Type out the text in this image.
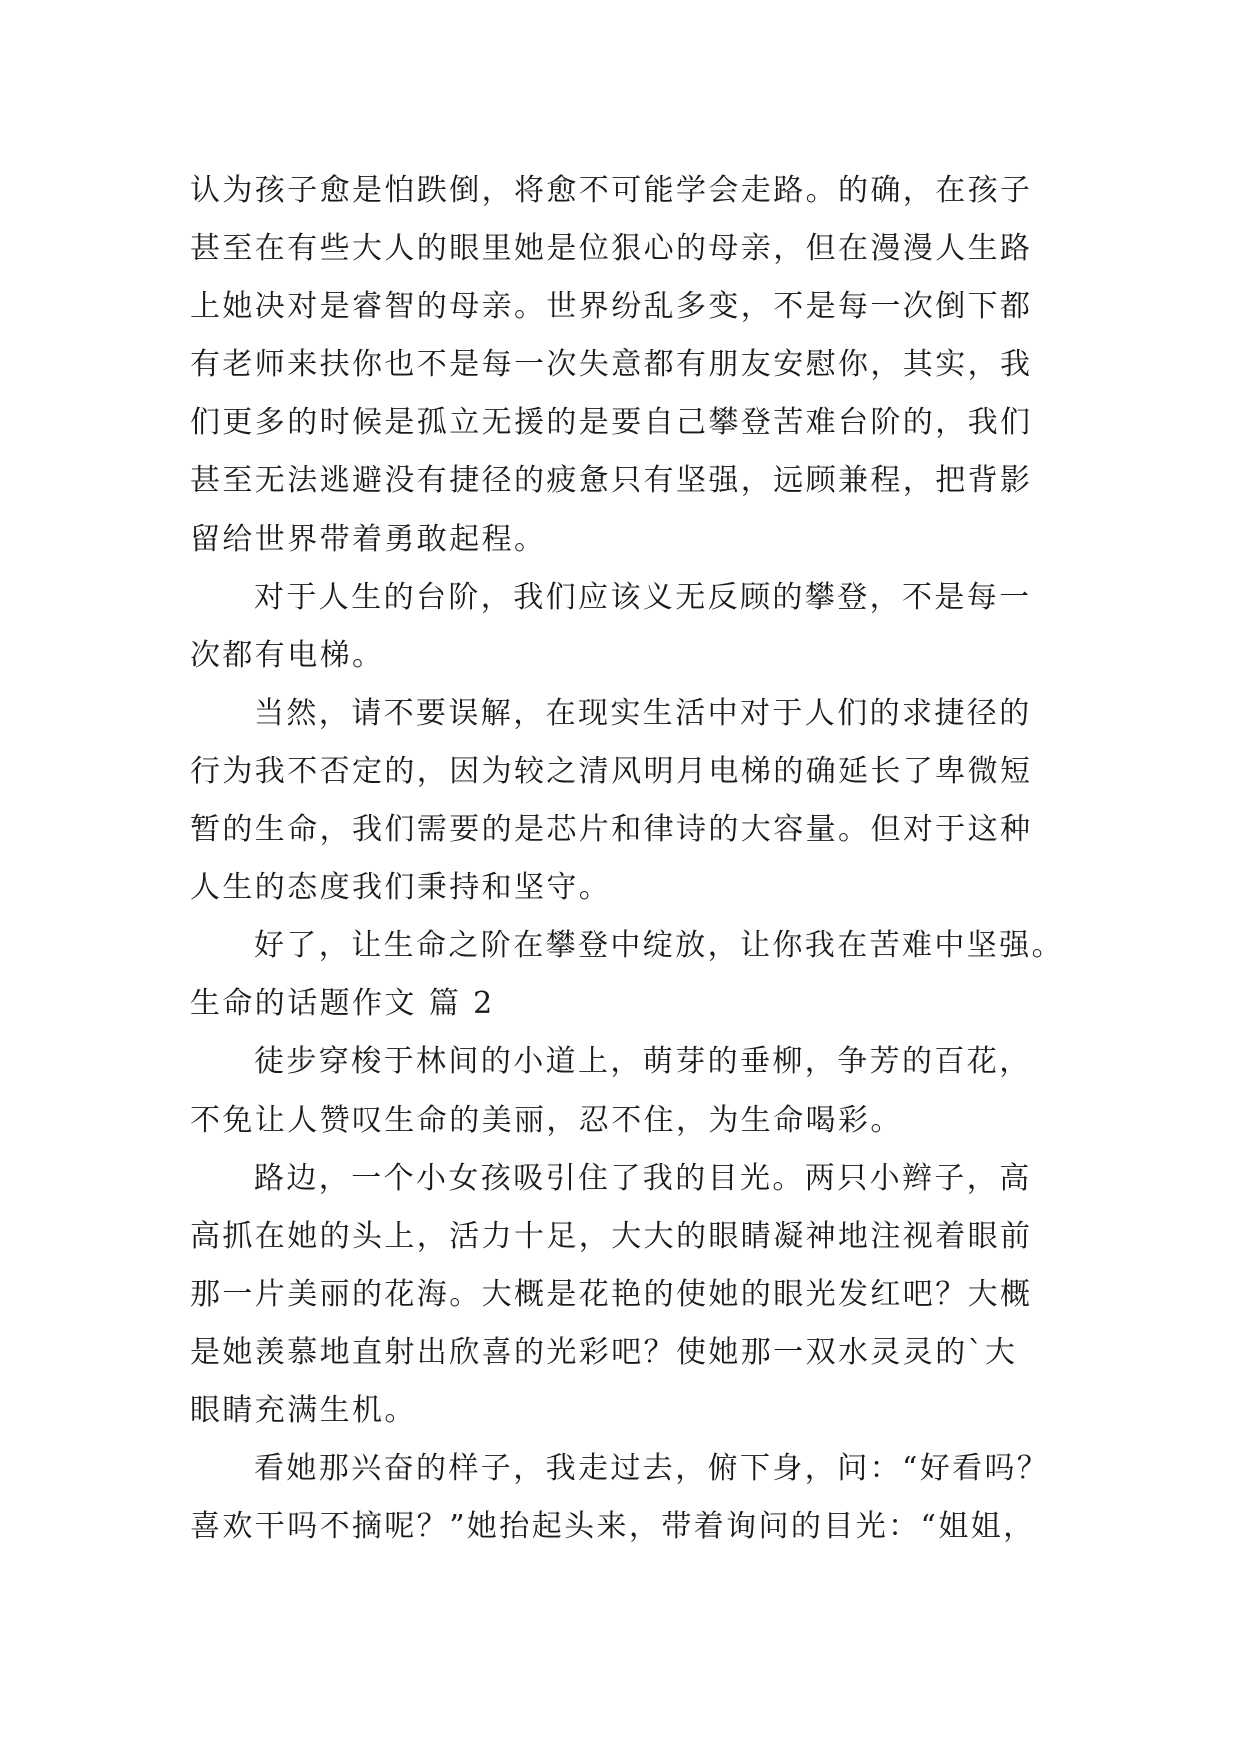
认为孩子愈是怕跌倒，将愈不可能学会走路。的确，在孩子
甚至在有些大人的眼里她是位狠心的母亲，但在漫漫人生路
上她决对是睿智的母亲。世界纷乱多变，不是每一次倒下都
有老师来扶你也不是每一次失意都有朋友安慰你，其实，我
们更多的时候是孤立无援的是要自己攀登苦难台阶的，我们
甚至无法逃避没有捷径的疲惫只有坚强，远顾兼程，把背影
留给世界带着勇敢起程。
对于人生的台阶，我们应该义无反顾的攀登，不是每一
次都有电梯。
当然，请不要误解，在现实生活中对于人们的求捷径的
行为我不否定的，因为较之清风明月电梯的确延长了卑微短
暂的生命，我们需要的是芯片和律诗的大容量。但对于这种
人生的态度我们秉持和坚守。
好了，让生命之阶在攀登中绽放，让你我在苦难中坚强。
生命的话题作文 篇 2
徒步穿梭于林间的小道上，萌芽的垂柳，争芳的百花，
不免让人赞叹生命的美丽，忍不住，为生命喝彩。
路边，一个小女孩吸引住了我的目光。两只小辫子，高
高抓在她的头上，活力十足，大大的眼睛凝神地注视着眼前
那一片美丽的花海。大概是花艳的使她的眼光发红吧？大概
是她羡慕地直射出欣喜的光彩吧？使她那一双水灵灵的`大
眼睛充满生机。
看她那兴奋的样子，我走过去，俯下身，问：“好看吗？
喜欢干吗不摘呢？”她抬起头来，带着询问的目光：“姐姐，
